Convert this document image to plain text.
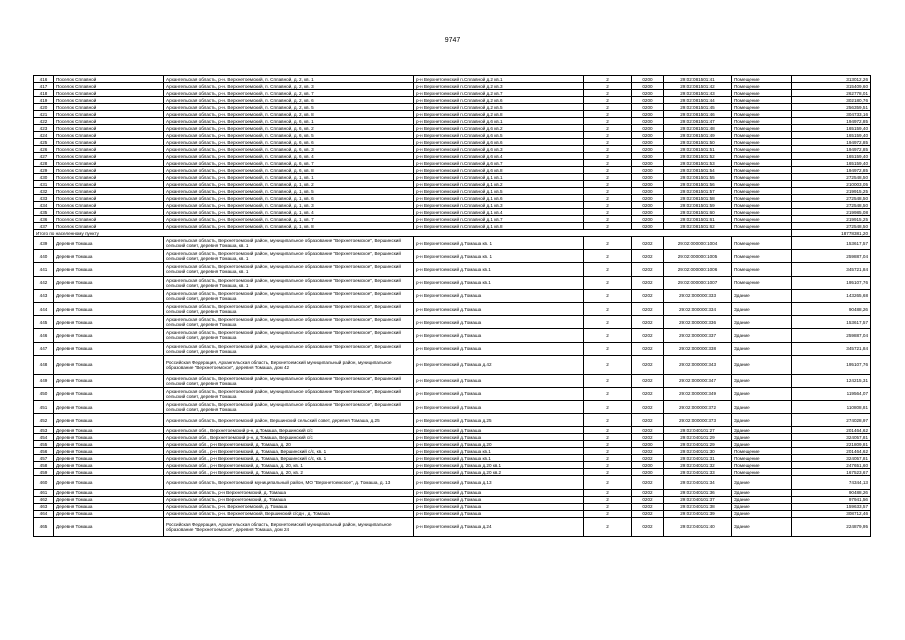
9747
416	Поселок Сплавной	Архангельская область, р-н. Верхнетоемский, п. Сплавной, д. 2, кв. 1	р-н Верхнетоемский п.Сплавной д.2 кв.1	2	0200	29:02:081501:41	Помещение	313012,26
417	Поселок Сплавной	Архангельская область, р-н. Верхнетоемский, п. Сплавной, д. 2, кв. 3	р-н Верхнетоемский п.Сплавной д.2 кв.3	2	0200	29:02:081501:42	Помещение	315409,60
418	Поселок Сплавной	Архангельская область, р-н. Верхнетоемский, п. Сплавной, д. 2, кв. 7	р-н Верхнетоемский п.Сплавной д.2 кв.7	2	0200	29:02:081501:43	Помещение	262778,01
419	Поселок Сплавной	Архангельская область, р-н. Верхнетоемский, п. Сплавной, д. 2, кв. 6	р-н Верхнетоемский п.Сплавной д.2 кв.6	2	0200	29:02:081501:44	Помещение	302180,76
420	Поселок Сплавной	Архангельская область, р-н. Верхнетоемский, п. Сплавной, д. 2, кв. 5	р-н Верхнетоемский п.Сплавной д.2 кв.5	2	0200	29:02:081501:45	Помещение	256359,51
421	Поселок Сплавной	Архангельская область, р-н. Верхнетоемский, п. Сплавной, д. 2, кв. 8	р-н Верхнетоемский п.Сплавной д.2 кв.8	2	0200	29:02:081501:46	Помещение	304733,16
422	Поселок Сплавной	Архангельская область, р-н. Верхнетоемский, п. Сплавной, д. 6, кв. 1	р-н Верхнетоемский п.Сплавной д.6 кв.1	2	0200	29:02:081501:47	Помещение	194972,85
423	Поселок Сплавной	Архангельская область, р-н. Верхнетоемский, п. Сплавной, д. 6, кв. 2	р-н Верхнетоемский п.Сплавной д.6 кв.2	2	0200	29:02:081501:48	Помещение	165159,40
424	Поселок Сплавной	Архангельская область, р-н. Верхнетоемский, п. Сплавной, д. 6, кв. 5	р-н Верхнетоемский п.Сплавной д.6 кв.5	2	0200	29:02:081501:49	Помещение	165159,40
425	Поселок Сплавной	Архангельская область, р-н. Верхнетоемский, п. Сплавной, д. 6, кв. 6	р-н Верхнетоемский п.Сплавной д.6 кв.6	2	0200	29:02:081501:50	Помещение	194972,85
426	Поселок Сплавной	Архангельская область, р-н. Верхнетоемский, п. Сплавной, д. 6, кв. 3	р-н Верхнетоемский п.Сплавной д.6 кв.3	2	0200	29:02:081501:51	Помещение	194972,85
427	Поселок Сплавной	Архангельская область, р-н. Верхнетоемский, п. Сплавной, д. 6, кв. 4	р-н Верхнетоемский п.Сплавной д.6 кв.4	2	0200	29:02:081501:52	Помещение	165159,40
428	Поселок Сплавной	Архангельская область, р-н. Верхнетоемский, п. Сплавной, д. 6, кв. 7	р-н Верхнетоемский п.Сплавной д.6 кв.7	2	0200	29:02:081501:53	Помещение	165159,40
429	Поселок Сплавной	Архангельская область, р-н. Верхнетоемский, п. Сплавной, д. 6, кв. 8	р-н Верхнетоемский п.Сплавной д.6 кв.8	2	0200	29:02:081501:54	Помещение	194972,85
430	Поселок Сплавной	Архангельская область, р-н. Верхнетоемский, п. Сплавной, д. 1, кв. 1	р-н Верхнетоемский п.Сплавной д.1 кв.1	2	0200	29:02:081501:55	Помещение	272548,50
431	Поселок Сплавной	Архангельская область, р-н. Верхнетоемский, п. Сплавной, д. 1, кв. 2	р-н Верхнетоемский п.Сплавной д.1 кв.2	2	0200	29:02:081501:56	Помещение	210003,05
432	Поселок Сплавной	Архангельская область, р-н. Верхнетоемский, п. Сплавной, д. 1, кв. 5	р-н Верхнетоемский п.Сплавной д.1 кв.5	2	0200	29:02:081501:57	Помещение	219915,25
433	Поселок Сплавной	Архангельская область, р-н. Верхнетоемский, п. Сплавной, д. 1, кв. 6	р-н Верхнетоемский п.Сплавной д.1 кв.6	2	0200	29:02:081501:58	Помещение	272548,50
434	Поселок Сплавной	Архангельская область, р-н. Верхнетоемский, п. Сплавной, д. 1, кв. 3	р-н Верхнетоемский п.Сплавной д.1 кв.3	2	0200	29:02:081501:59	Помещение	272548,50
435	Поселок Сплавной	Архангельская область, р-н. Верхнетоемский, п. Сплавной, д. 1, кв. 4	р-н Верхнетоемский п.Сплавной д.1 кв.4	2	0200	29:02:081501:60	Помещение	219985,08
436	Поселок Сплавной	Архангельская область, р-н. Верхнетоемский, п. Сплавной, д. 1, кв. 7	р-н Верхнетоемский п.Сплавной д.1 кв.7	2	0200	29:02:081501:61	Помещение	219915,25
437	Поселок Сплавной	Архангельская область, р-н. Верхнетоемский, п. Сплавной, д. 1, кв. 8	р-н Верхнетоемский п.Сплавной д.1 кв.8	2	0200	29:02:081501:62	Помещение	272548,50
Итого по населенному пункту								18778381,20
439	Деревня Томаша	Архангельская область, Верхнетоемский район, муниципальное образование "Верхнетоемское", Вершинский сельский совет, деревня Томаша, кв. 1	р-н Верхнетоемский д.Томаша кв. 1	2	0202	29:02:000000:1004	Помещение	153617,57
440	Деревня Томаша	Архангельская область, Верхнетоемский район, муниципальное образование "Верхнетоемское", Вершинский сельский совет, деревня Томаша, кв. 1	р-н Верхнетоемский д.Томаша кв. 1	2	0202	29:02:000000:1005	Помещение	259887,04
441	Деревня Томаша	Архангельская область, Верхнетоемский район, муниципальное образование "Верхнетоемское", Вершинский сельский совет, деревня Томаша, кв. 1	р-н Верхнетоемский д.Томаша кв.1	2	0202	29:02:000000:1006	Помещение	345721,84
442	Деревня Томаша	Архангельская область, Верхнетоемский район, муниципальное образование "Верхнетоемское", Вершинский сельский совет, деревня Томаша, кв. 1	р-н Верхнетоемский д.Томаша кв.1	2	0202	29:02:000000:1007	Помещение	195107,76
443	Деревня Томаша	Архангельская область, Верхнетоемский район, муниципальное образование "Верхнетоемское", Вершинский сельский совет, деревня Томаша	р-н Верхнетоемский д.Томаша	2	0202	29:02:000000:333	Здание	143265,68
444	Деревня Томаша	Архангельская область, Верхнетоемский район, муниципальное образование "Верхнетоемское", Вершинский сельский совет, деревня Томаша	р-н Верхнетоемский д.Томаша	2	0202	29:02:000000:334	Здание	90488,26
445	Деревня Томаша	Архангельская область, Верхнетоемский район, муниципальное образование "Верхнетоемское", Вершинский сельский совет, деревня Томаша	р-н Верхнетоемский д.Томаша	2	0202	29:02:000000:336	Здание	153617,57
446	Деревня Томаша	Архангельская область, Верхнетоемский район, муниципальное образование "Верхнетоемское", Вершинский сельский совет, деревня Томаша	р-н Верхнетоемский д.Томаша	2	0202	29:02:000000:337	Здание	259887,04
447	Деревня Томаша	Архангельская область, Верхнетоемский район, муниципальное образование "Верхнетоемское", Вершинский сельский совет, деревня Томаша	р-н Верхнетоемский д.Томаша	2	0202	29:02:000000:338	Здание	345721,84
448	Деревня Томаша	Российская Федерация, Архангельская область, Верхнетоемский муниципальный район, муниципальное образование "Верхнетоемское", деревня Томаша, дом 42	р-н Верхнетоемский д.Томаша д.42	2	0202	29:02:000000:343	Здание	195107,76
449	Деревня Томаша	Архангельская область, Верхнетоемский район, муниципальное образование "Верхнетоемское", Вершинский сельский совет, деревня Томаша	р-н Верхнетоемский д.Томаша	2	0202	29:02:000000:347	Здание	124215,31
450	Деревня Томаша	Архангельская область, Верхнетоемский район, муниципальное образование "Верхнетоемское", Вершинский сельский совет, деревня Томаша	р-н Верхнетоемский д.Томаша	2	0202	29:02:000000:349	Здание	119564,07
451	Деревня Томаша	Архангельская область, Верхнетоемский район, муниципальное образование "Верхнетоемское", Вершинский сельский совет, деревня Томаша	р-н Верхнетоемский д.Томаша	2	0202	29:02:000000:372	Здание	110808,81
452	Деревня Томаша	Архангельская область, Верхнетоемский район, Вершинский сельский совет, деревня Томаша, д.25	р-н Верхнетоемский д.Томаша д.25	2	0202	29:02:000000:373	Здание	274028,97
453	Деревня Томаша	Архангельская обл., Верхнетоемский р-н, д.Томаша, Вершинский с/с	р-н Верхнетоемский д.Томаша	2	0202	29:02:040101:27	Здание	201464,62
454	Деревня Томаша	Архангельская обл., Верхнетоемский р-н, д.Томаша, Вершинский с/с	р-н Верхнетоемский д.Томаша	2	0202	29:02:040101:29	Здание	324057,81
455	Деревня Томаша	Архангельская обл., р-н Верхнетоемский, д. Томаша, д. 20	р-н Верхнетоемский д.Томаша д.20	2	0200	29:02:040101:29	Здание	221809,81
456	Деревня Томаша	Архангельская обл., р-н Верхнетоемский, д. Томаша, Вершинский с/с, кв. 1	р-н Верхнетоемский д.Томаша кв.1	2	0202	29:02:040101:30	Помещение	201464,62
457	Деревня Томаша	Архангельская обл., р-н Верхнетоемский, д. Томаша, Вершинский с/с, кв. 1	р-н Верхнетоемский д.Томаша кв.1	2	0202	29:02:040101:31	Помещение	324057,81
458	Деревня Томаша	Архангельская обл., р-н Верхнетоемский, д. Томаша, д. 20, кв. 1	р-н Верхнетоемский д.Томаша д.20 кв.1	2	0200	29:02:040101:32	Помещение	247651,60
459	Деревня Томаша	Архангельская обл., р-н Верхнетоемский, д. Томаша, д. 20, кв. 2	р-н Верхнетоемский д.Томаша д.20 кв.2	2	0200	29:02:040101:33	Помещение	167523,67
460	Деревня Томаша	Архангельская область, Верхнетоемский муниципальный район, МО "Верхнетоемское", д. Томаша, д. 13	р-н Верхнетоемский д.Томаша д.13	2	0202	29:02:040101:34	Здание	74344,13
461	Деревня Томаша	Архангельская область, р-н Верхнетоемский, д. Томаша	р-н Верхнетоемский д.Томаша	2	0202	29:02:040101:36	Здание	90488,26
462	Деревня Томаша	Архангельская область, р-н Верхнетоемский, д. Томаша	р-н Верхнетоемский д.Томаша	2	0202	29:02:040101:37	Здание	97941,56
463	Деревня Томаша	Архангельская область, р-н. Верхнетоемский, д. Томаша	р-н Верхнетоемский д.Томаша	2	0202	29:02:040101:38	Здание	159633,57
464	Деревня Томаша	Архангельская область, р-н. Верхнетоемский, Вершинский с/сдн , д. Томаша	р-н Верхнетоемский д.Томаша	2	0202	29:02:040101:39	Здание	308712,46
465	Деревня Томаша	Российская Федерация, Архангельская область, Верхнетоемский муниципальный район, муниципальное образование "Верхнетоемское", деревня Томаша, дом 24	р-н Верхнетоемский д.Томаша д.24	2	0202	29:02:040101:40	Здание	224879,95
